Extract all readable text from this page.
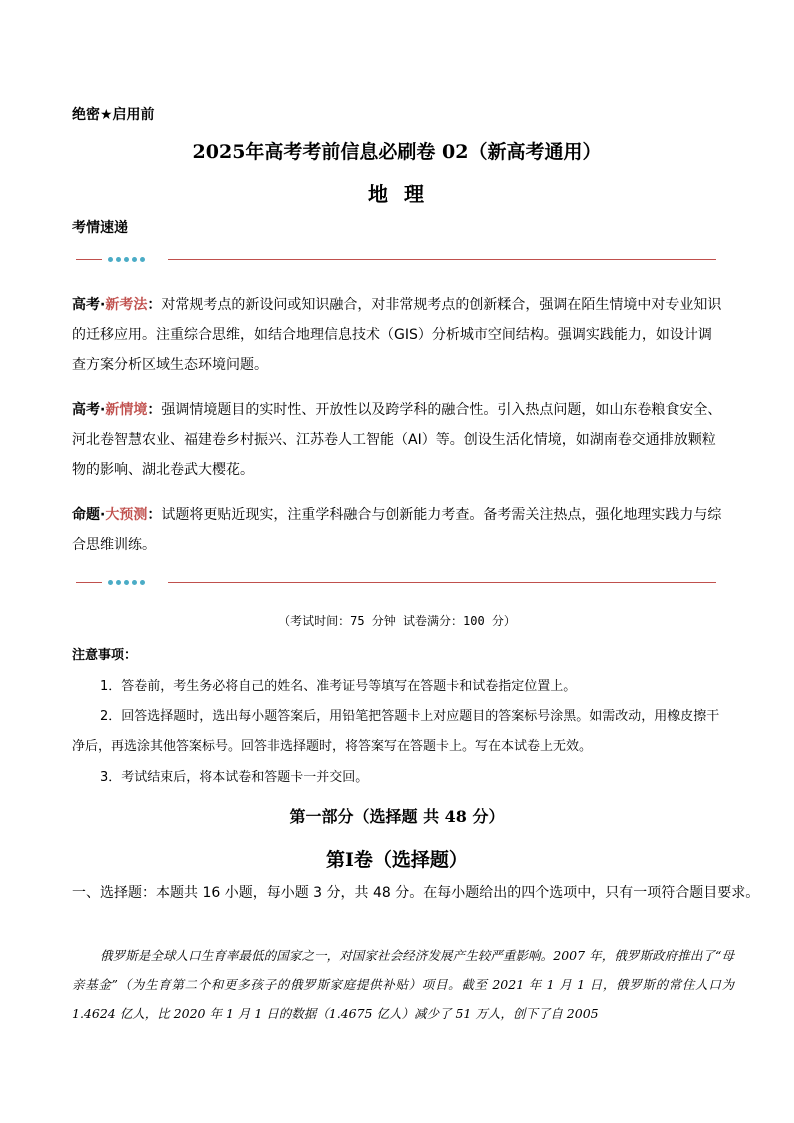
绝密★启用前
2025年高考考前信息必刷卷 02（新高考通用）
地 理
考情速递
高考·新考法：对常规考点的新设问或知识融合，对非常规考点的创新糅合，强调在陌生情境中对专业知识的迁移应用。注重综合思维，如结合地理信息技术（GIS）分析城市空间结构。强调实践能力，如设计调查方案分析区域生态环境问题。
高考·新情境：强调情境题目的实时性、开放性以及跨学科的融合性。引入热点问题，如山东卷粮食安全、河北卷智慧农业、福建卷乡村振兴、江苏卷人工智能（AI）等。创设生活化情境，如湖南卷交通排放颗粒物的影响、湖北卷武大樱花。
命题·大预测：试题将更贴近现实，注重学科融合与创新能力考查。备考需关注热点，强化地理实践力与综合思维训练。
（考试时间：75 分钟 试卷满分：100 分）
注意事项：
1．答卷前，考生务必将自己的姓名、准考证号等填写在答题卡和试卷指定位置上。
2．回答选择题时，选出每小题答案后，用铅笔把答题卡上对应题目的答案标号涂黑。如需改动，用橡皮擦干净后，再选涂其他答案标号。回答非选择题时，将答案写在答题卡上。写在本试卷上无效。
3．考试结束后，将本试卷和答题卡一并交回。
第一部分（选择题 共 48 分）
第Ⅰ卷（选择题）
一、选择题：本题共 16 小题，每小题 3 分，共 48 分。在每小题给出的四个选项中，只有一项符合题目要求。
俄罗斯是全球人口生育率最低的国家之一，对国家社会经济发展产生较严重影响。2007 年，俄罗斯政府推出了“母亲基金”（为生育第二个和更多孩子的俄罗斯家庭提供补贴）项目。截至 2021 年 1 月 1 日，俄罗斯的常住人口为 1.4624 亿人，比 2020 年 1 月 1 日的数据（1.4675 亿人）减少了 51 万人，创下了自 2005
